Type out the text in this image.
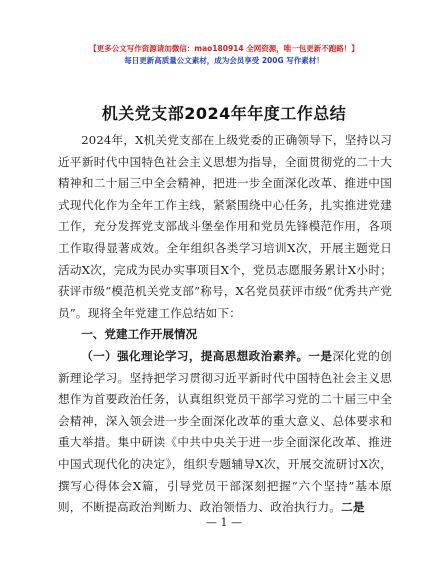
【更多公文写作资源请加微信：mao180914 全网资源，唯一包更新不跑路！】
每日更新高质量公文素材，成为会员享受 200G 写作素材！
机关党支部2024年年度工作总结

2024年，X机关党支部在上级党委的正确领导下，坚持以习近平新时代中国特色社会主义思想为指导，全面贯彻党的二十大精神和二十届三中全会精神，把进一步全面深化改革、推进中国式现代化作为全年工作主线，紧紧围绕中心任务，扎实推进党建工作，充分发挥党支部战斗堡垒作用和党员先锋模范作用，各项工作取得显著成效。全年组织各类学习培训X次，开展主题党日活动X次，完成为民办实事项目X个，党员志愿服务累计X小时；获评市级“模范机关党支部”称号，X名党员获评市级“优秀共产党员”。现将全年党建工作总结如下：

一、党建工作开展情况

（一）强化理论学习，提高思想政治素养。一是深化党的创新理论学习。坚持把学习贯彻习近平新时代中国特色社会主义思想作为首要政治任务，认真组织党员干部学习党的二十届三中全会精神，深入领会进一步全面深化改革的重大意义、总体要求和重大举措。集中研读《中共中央关于进一步全面深化改革、推进中国式现代化的决定》，组织专题辅导X次，开展交流研讨X次，撰写心得体会X篇，引导党员干部深刻把握“六个坚持”基本原则，不断提高政治判断力、政治领悟力、政治执行力。二是

— 1 —
